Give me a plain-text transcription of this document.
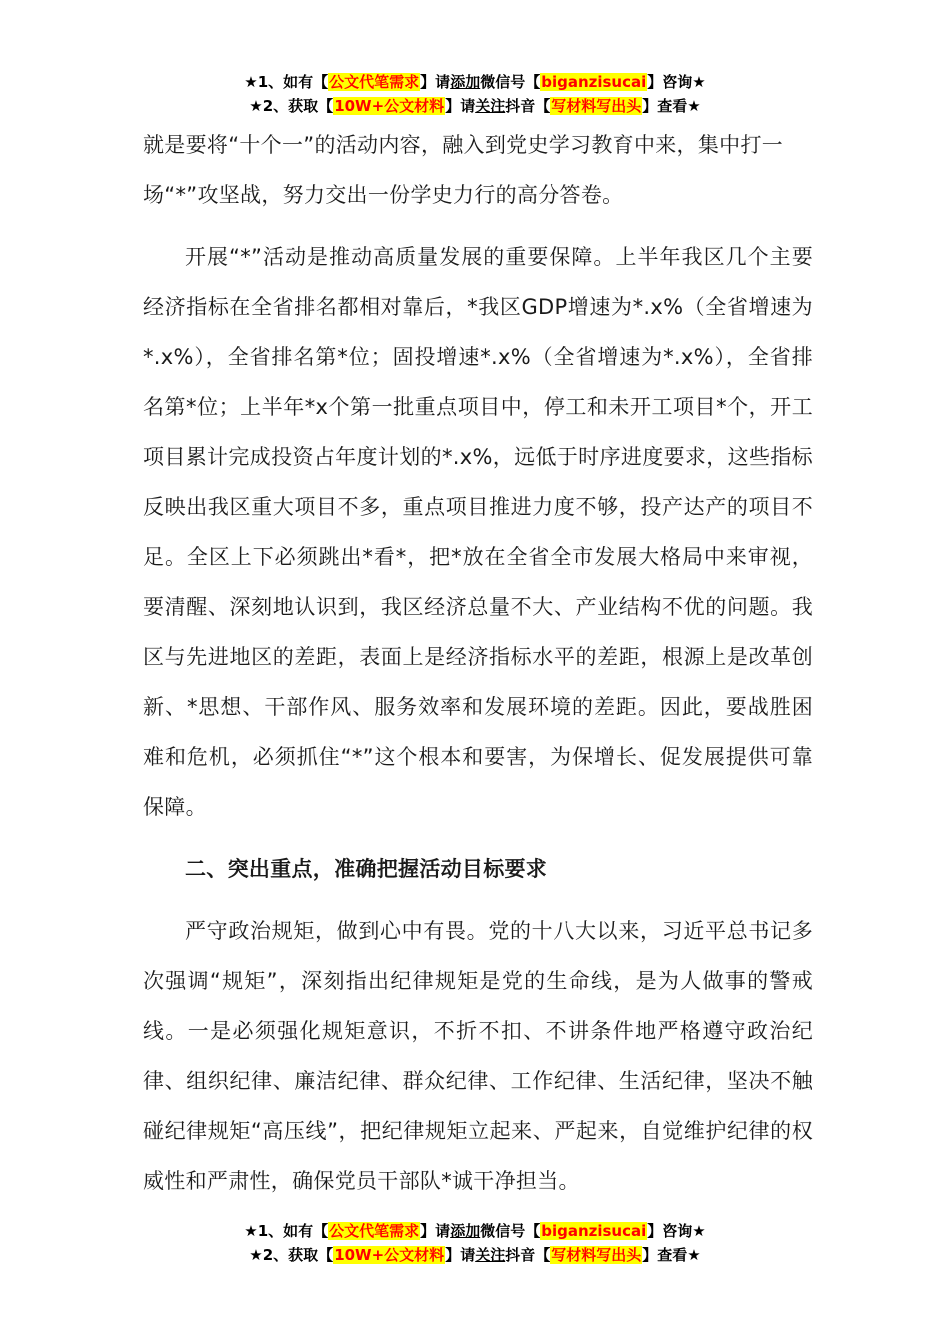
★1、如有【公文代笔需求】请添加微信号【biganzisucai】咨询★
★2、获取【10W+公文材料】请关注抖音【写材料写出头】查看★

就是要将“十个一”的活动内容，融入到党史学习教育中来，集中打一场“*”攻坚战，努力交出一份学史力行的高分答卷。

开展“*”活动是推动高质量发展的重要保障。上半年我区几个主要经济指标在全省排名都相对靠后，*我区GDP增速为*.x%（全省增速为*.x%），全省排名第*位；固投增速*.x%（全省增速为*.x%），全省排名第*位；上半年*x个第一批重点项目中，停工和未开工项目*个，开工项目累计完成投资占年度计划的*.x%，远低于时序进度要求，这些指标反映出我区重大项目不多，重点项目推进力度不够，投产达产的项目不足。全区上下必须跳出*看*，把*放在全省全市发展大格局中来审视，要清醒、深刻地认识到，我区经济总量不大、产业结构不优的问题。我区与先进地区的差距，表面上是经济指标水平的差距，根源上是改革创新、*思想、干部作风、服务效率和发展环境的差距。因此，要战胜困难和危机，必须抓住“*”这个根本和要害，为保增长、促发展提供可靠保障。

二、突出重点，准确把握活动目标要求

严守政治规矩，做到心中有畏。党的十八大以来，习近平总书记多次强调“规矩”，深刻指出纪律规矩是党的生命线，是为人做事的警戒线。一是必须强化规矩意识，不折不扣、不讲条件地严格遵守政治纪律、组织纪律、廉洁纪律、群众纪律、工作纪律、生活纪律，坚决不触碰纪律规矩“高压线”，把纪律规矩立起来、严起来，自觉维护纪律的权威性和严肃性，确保党员干部队*诚干净担当。

★1、如有【公文代笔需求】请添加微信号【biganzisucai】咨询★
★2、获取【10W+公文材料】请关注抖音【写材料写出头】查看★
